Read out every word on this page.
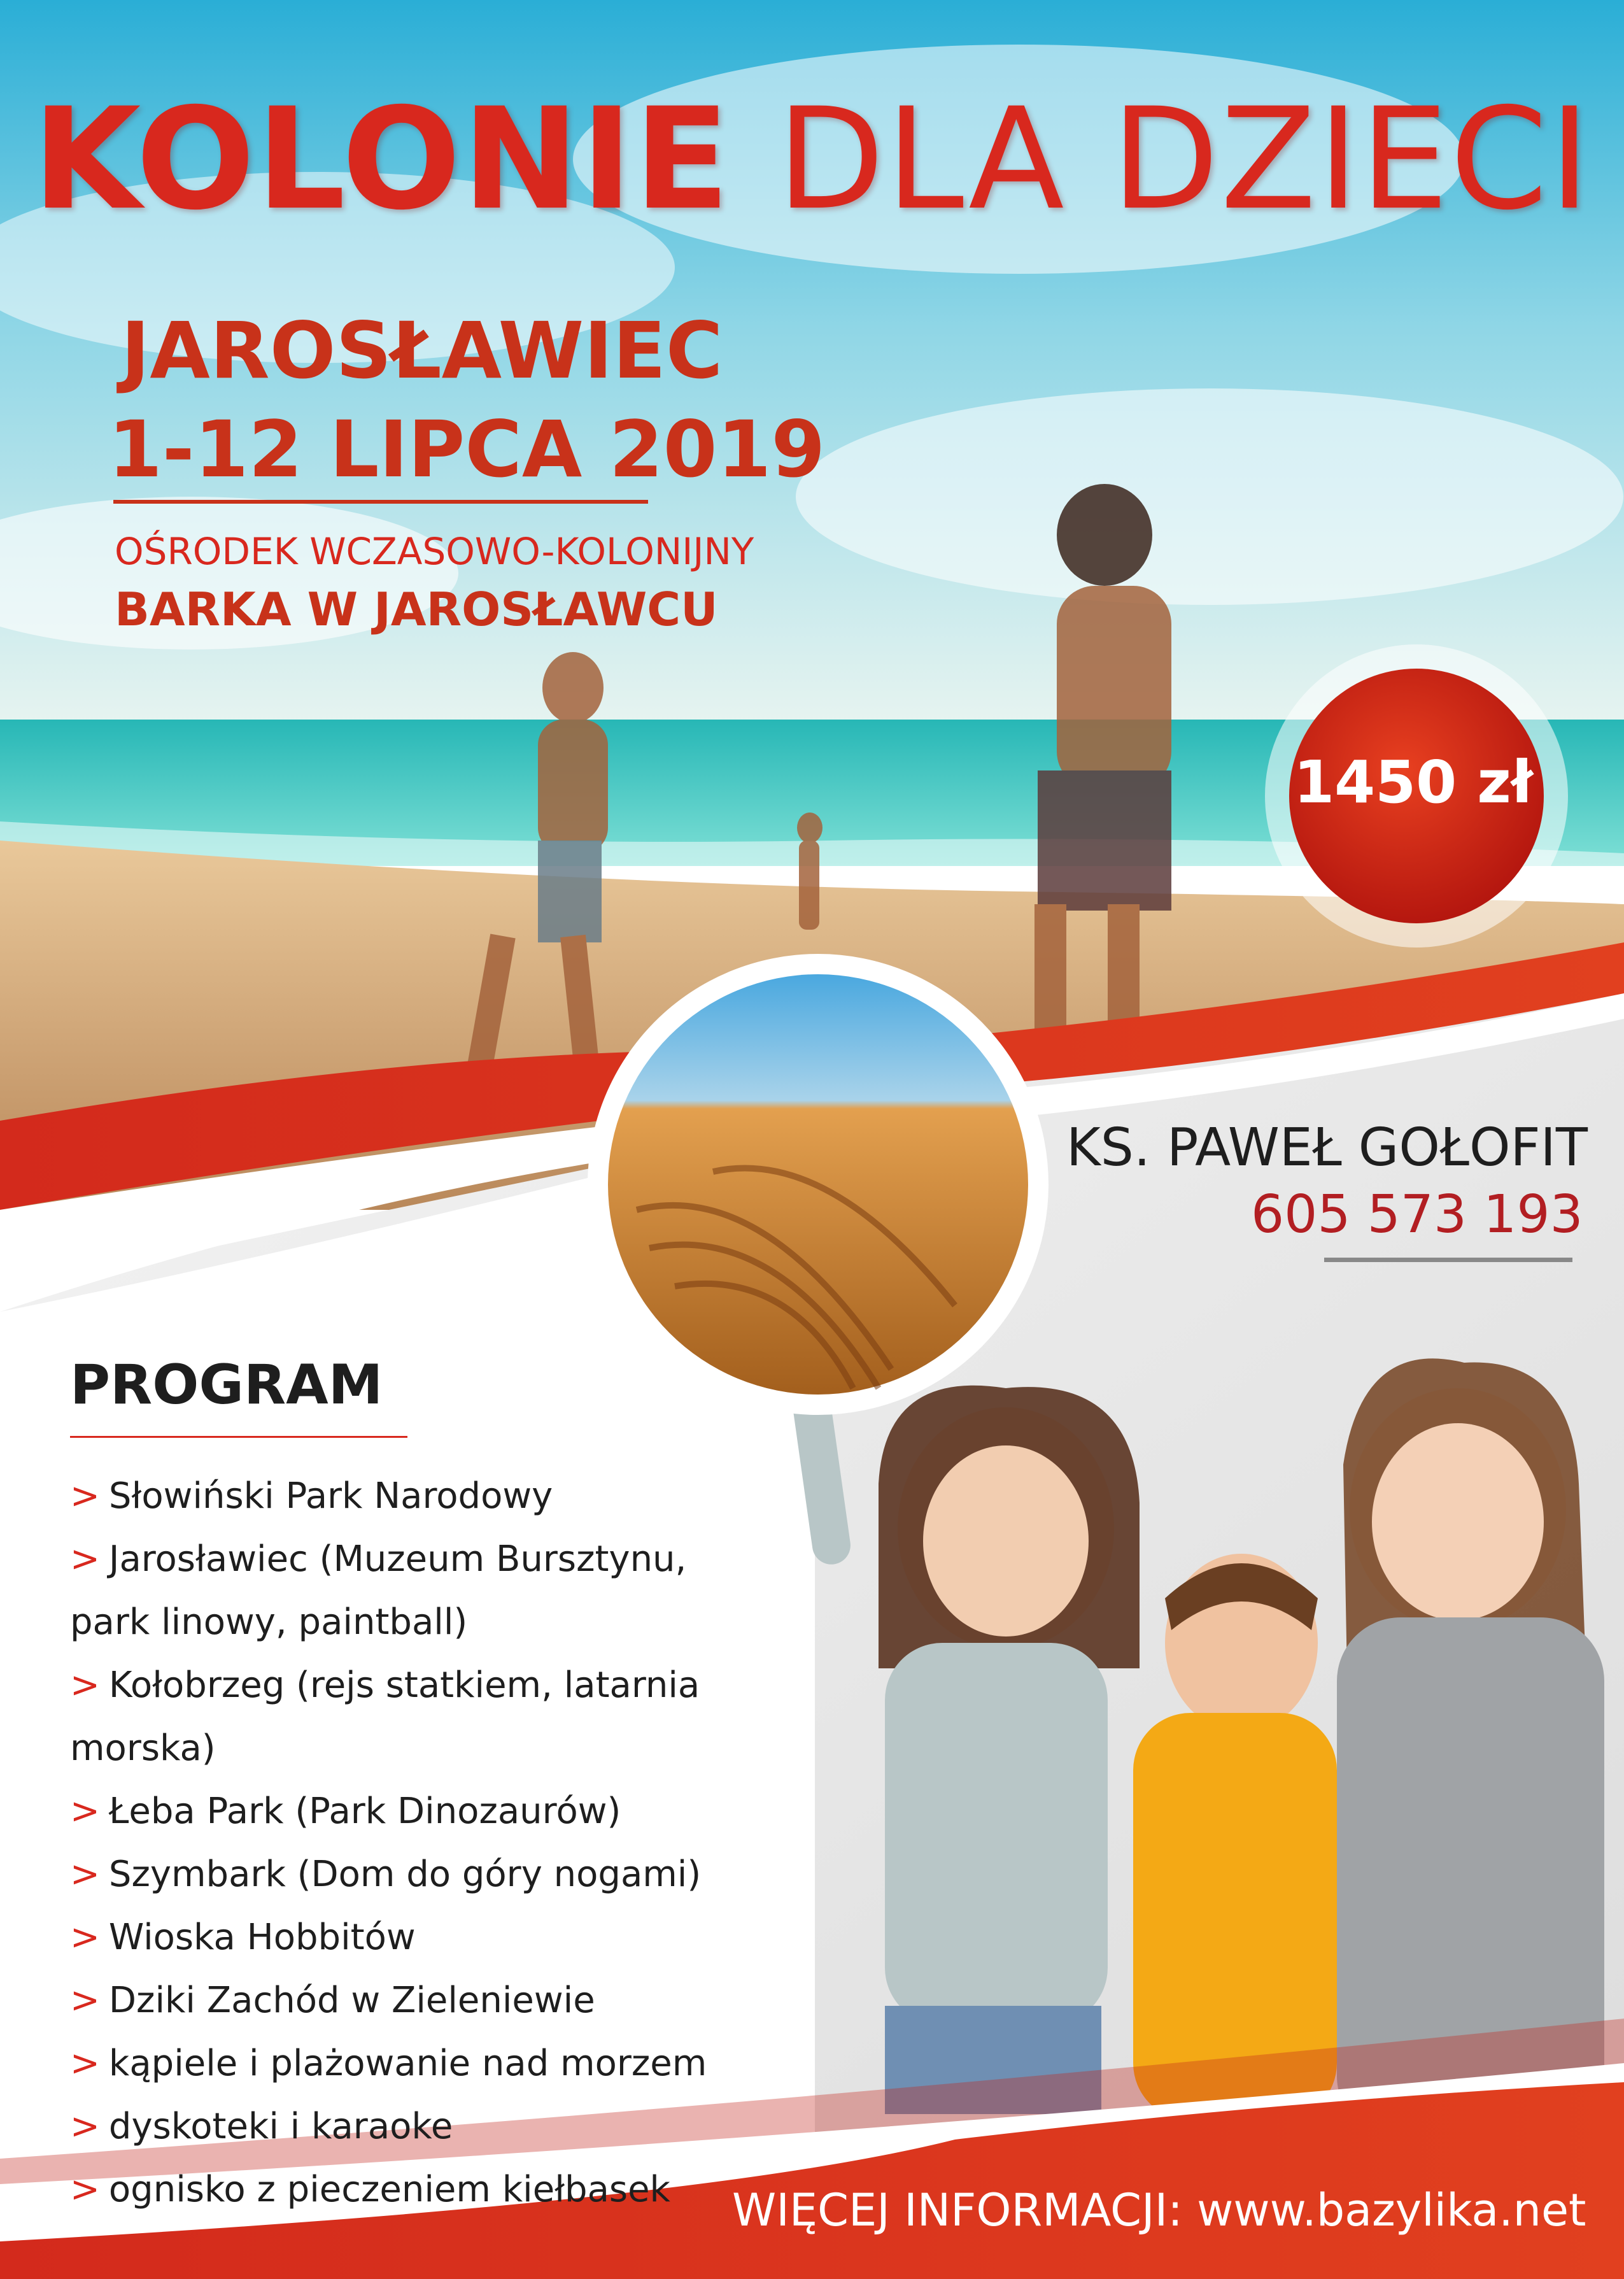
KOLONIE DLA DZIECI
JAROSŁAWIEC
1-12 LIPCA 2019
OŚRODEK WCZASOWO-KOLONIJNY
BARKA W JAROSŁAWCU
1450 zł
KS. PAWEŁ GOŁOFIT
605 573 193
PROGRAM
> Słowiński Park Narodowy
> Jarosławiec (Muzeum Bursztynu,
park linowy, paintball)
> Kołobrzeg (rejs statkiem, latarnia morska)
> Łeba Park (Park Dinozaurów)
> Szymbark (Dom do góry nogami)
> Wioska Hobbitów
> Dziki Zachód w Zieleniewie
> kąpiele i plażowanie nad morzem
> dyskoteki i karaoke
> ognisko z pieczeniem kiełbasek	WIĘCEJ INFORMACJI: www.bazylika.net
